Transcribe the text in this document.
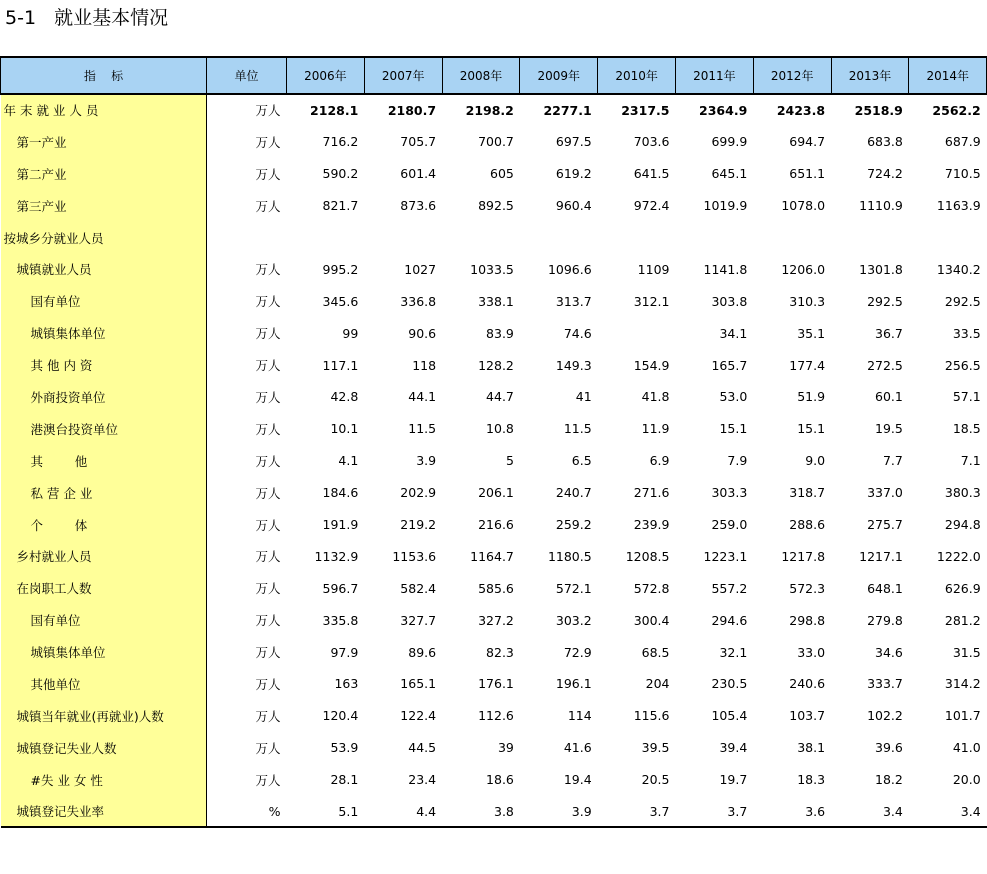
5-1   就业基本情况
指    标	单位	2006年	2007年	2008年	2009年	2010年	2011年	2012年	2013年	2014年
年 末 就 业 人 员	万人	2128.1	2180.7	2198.2	2277.1	2317.5	2364.9	2423.8	2518.9	2562.2
第一产业	万人	716.2	705.7	700.7	697.5	703.6	699.9	694.7	683.8	687.9
第二产业	万人	590.2	601.4	605	619.2	641.5	645.1	651.1	724.2	710.5
第三产业	万人	821.7	873.6	892.5	960.4	972.4	1019.9	1078.0	1110.9	1163.9
按城乡分就业人员										
城镇就业人员	万人	995.2	1027	1033.5	1096.6	1109	1141.8	1206.0	1301.8	1340.2
国有单位	万人	345.6	336.8	338.1	313.7	312.1	303.8	310.3	292.5	292.5
城镇集体单位	万人	99	90.6	83.9	74.6		34.1	35.1	36.7	33.5
其 他 内 资	万人	117.1	118	128.2	149.3	154.9	165.7	177.4	272.5	256.5
外商投资单位	万人	42.8	44.1	44.7	41	41.8	53.0	51.9	60.1	57.1
港澳台投资单位	万人	10.1	11.5	10.8	11.5	11.9	15.1	15.1	19.5	18.5
其        他	万人	4.1	3.9	5	6.5	6.9	7.9	9.0	7.7	7.1
私 营 企 业	万人	184.6	202.9	206.1	240.7	271.6	303.3	318.7	337.0	380.3
个        体	万人	191.9	219.2	216.6	259.2	239.9	259.0	288.6	275.7	294.8
乡村就业人员	万人	1132.9	1153.6	1164.7	1180.5	1208.5	1223.1	1217.8	1217.1	1222.0
在岗职工人数	万人	596.7	582.4	585.6	572.1	572.8	557.2	572.3	648.1	626.9
国有单位	万人	335.8	327.7	327.2	303.2	300.4	294.6	298.8	279.8	281.2
城镇集体单位	万人	97.9	89.6	82.3	72.9	68.5	32.1	33.0	34.6	31.5
其他单位	万人	163	165.1	176.1	196.1	204	230.5	240.6	333.7	314.2
城镇当年就业(再就业)人数	万人	120.4	122.4	112.6	114	115.6	105.4	103.7	102.2	101.7
城镇登记失业人数	万人	53.9	44.5	39	41.6	39.5	39.4	38.1	39.6	41.0
#失 业 女 性	万人	28.1	23.4	18.6	19.4	20.5	19.7	18.3	18.2	20.0
城镇登记失业率	%	5.1	4.4	3.8	3.9	3.7	3.7	3.6	3.4	3.4
